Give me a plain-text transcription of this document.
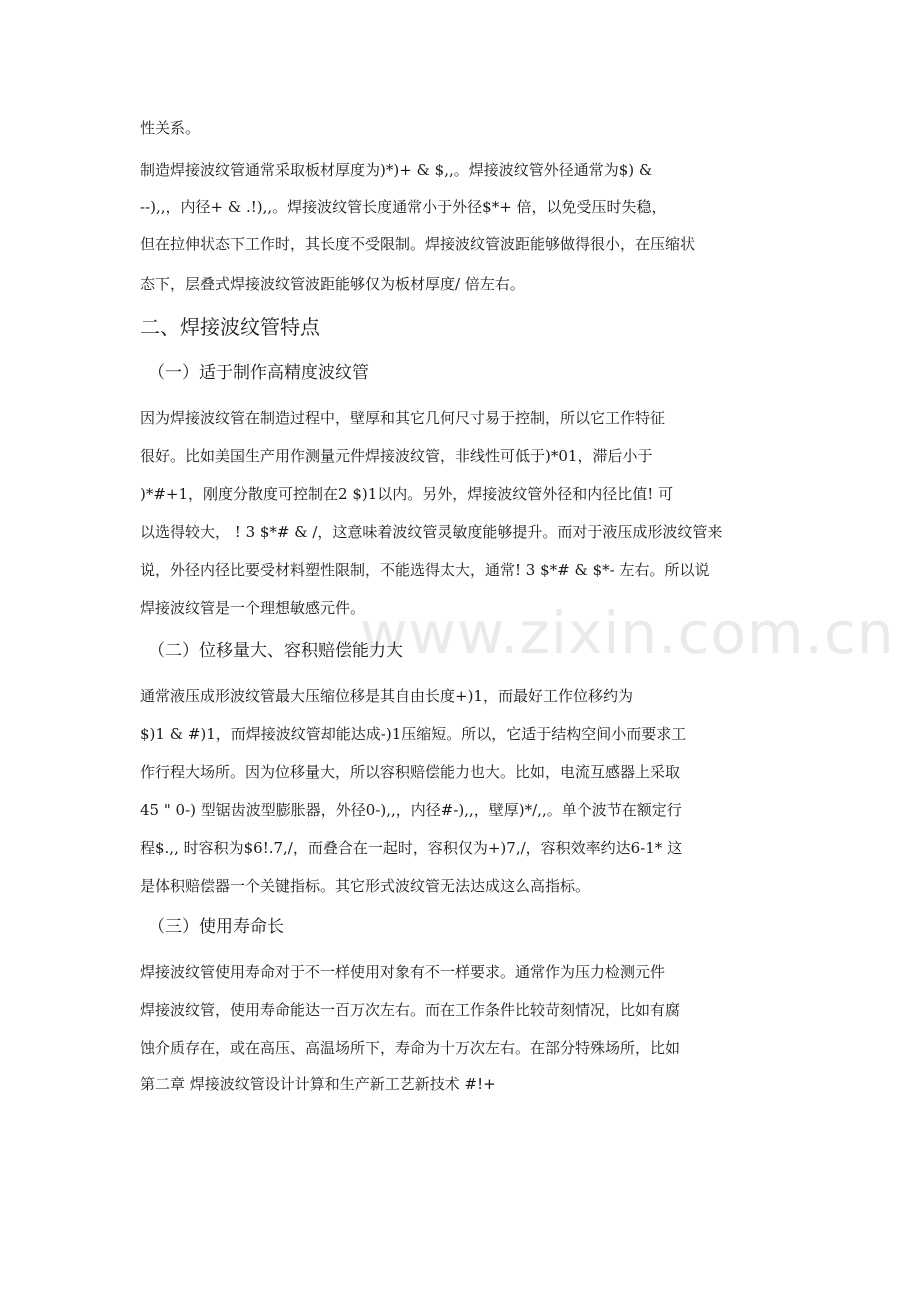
性关系。
制造焊接波纹管通常采取板材厚度为)*)+ & $,,。焊接波纹管外径通常为$) &
--),,，内径+ & .!),,。焊接波纹管长度通常小于外径$*+ 倍，以免受压时失稳，
但在拉伸状态下工作时，其长度不受限制。焊接波纹管波距能够做得很小，在压缩状
态下，层叠式焊接波纹管波距能够仅为板材厚度/ 倍左右。
二、焊接波纹管特点
（一）适于制作高精度波纹管
因为焊接波纹管在制造过程中，壁厚和其它几何尺寸易于控制，所以它工作特征
很好。比如美国生产用作测量元件焊接波纹管，非线性可低于)*01，滞后小于
)*#+1，刚度分散度可控制在2 $)1以内。另外，焊接波纹管外径和内径比值! 可
以选得较大， ! 3 $*# & /，这意味着波纹管灵敏度能够提升。而对于液压成形波纹管来
说，外径内径比要受材料塑性限制，不能选得太大，通常! 3 $*# & $*- 左右。所以说
焊接波纹管是一个理想敏感元件。
www.zixin.com.cn
（二）位移量大、容积赔偿能力大
通常液压成形波纹管最大压缩位移是其自由长度+)1，而最好工作位移约为
$)1 & #)1，而焊接波纹管却能达成-)1压缩短。所以，它适于结构空间小而要求工
作行程大场所。因为位移量大，所以容积赔偿能力也大。比如，电流互感器上采取
45 " 0-) 型锯齿波型膨胀器，外径0-),,，内径#-),,，壁厚)*/,,。单个波节在额定行
程$.,, 时容积为$6!.7,/，而叠合在一起时，容积仅为+)7,/，容积效率约达6-1* 这
是体积赔偿器一个关键指标。其它形式波纹管无法达成这么高指标。
（三）使用寿命长
焊接波纹管使用寿命对于不一样使用对象有不一样要求。通常作为压力检测元件
焊接波纹管，使用寿命能达一百万次左右。而在工作条件比较苛刻情况，比如有腐
蚀介质存在，或在高压、高温场所下，寿命为十万次左右。在部分特殊场所，比如
第二章 焊接波纹管设计计算和生产新工艺新技术 #!+
